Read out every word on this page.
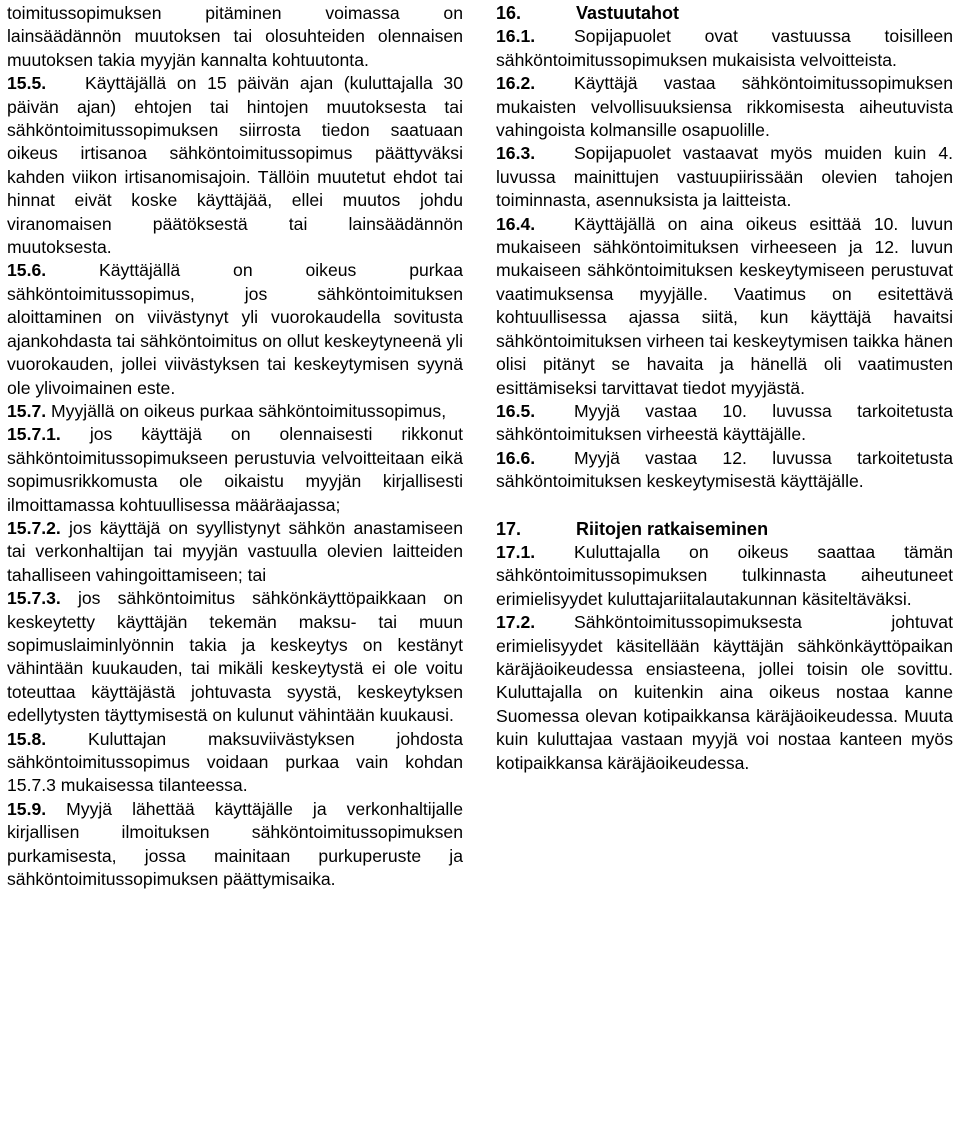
toimitussopimuksen pitäminen voimassa on lainsäädännön muutoksen tai olosuhteiden olennaisen muutoksen takia myyjän kannalta kohtuutonta.

15.5. Käyttäjällä on 15 päivän ajan (kuluttajalla 30 päivän ajan) ehtojen tai hintojen muutoksesta tai sähköntoimitussopimuksen siirrosta tiedon saatuaan oikeus irtisanoa sähköntoimitussopimus päättyväksi kahden viikon irtisanomisajoin. Tällöin muutetut ehdot tai hinnat eivät koske käyttäjää, ellei muutos johdu viranomaisen päätöksestä tai lainsäädännön muutoksesta.

15.6.	Käyttäjällä on oikeus purkaa sähköntoimitussopimus, jos sähköntoimituksen aloittaminen on viivästynyt yli vuorokaudella sovitusta ajankohdasta tai sähköntoimitus on ollut keskeytyneenä yli vuorokauden, jollei viivästyksen tai keskeytymisen syynä ole ylivoimainen este.

15.7. Myyjällä on oikeus purkaa sähköntoimitussopimus,

15.7.1. jos käyttäjä on olennaisesti rikkonut sähköntoimitussopimukseen perustuvia velvoitteitaan eikä sopimusrikkomusta ole oikaistu myyjän kirjallisesti ilmoittamassa kohtuullisessa määräajassa;

15.7.2. jos käyttäjä on syyllistynyt sähkön anastamiseen tai verkonhaltijan tai myyjän vastuulla olevien laitteiden tahalliseen vahingoittamiseen; tai

15.7.3. jos sähköntoimitus sähkönkäyttöpaikkaan on keskeytetty käyttäjän tekemän maksu- tai muun sopimuslaiminlyönnin takia ja keskeytys on kestänyt vähintään kuukauden, tai mikäli keskeytystä ei ole voitu toteuttaa käyttäjästä johtuvasta syystä, keskeytyksen edellytysten täyttymisestä on kulunut vähintään kuukausi.

15.8. Kuluttajan maksuviivästyksen johdosta sähköntoimitussopimus voidaan purkaa vain kohdan 15.7.3 mukaisessa tilanteessa.

15.9. Myyjä lähettää käyttäjälle ja verkonhaltijalle kirjallisen ilmoituksen sähköntoimitussopimuksen purkamisesta, jossa mainitaan purkuperuste ja sähköntoimitussopimuksen päättymisaika.

16.	Vastuutahot

16.1. Sopijapuolet ovat vastuussa toisilleen sähköntoimitussopimuksen mukaisista velvoitteista.

16.2. Käyttäjä vastaa sähköntoimitussopimuksen mukaisten velvollisuuksiensa rikkomisesta aiheutuvista vahingoista kolmansille osapuolille.

16.3. Sopijapuolet vastaavat myös muiden kuin 4. luvussa mainittujen vastuupiirissään olevien tahojen toiminnasta, asennuksista ja laitteista.

16.4. Käyttäjällä on aina oikeus esittää 10. luvun mukaiseen sähköntoimituksen virheeseen ja 12. luvun mukaiseen sähköntoimituksen keskeytymiseen perustuvat vaatimuksensa myyjälle. Vaatimus on esitettävä kohtuullisessa ajassa siitä, kun käyttäjä havaitsi sähköntoimituksen virheen tai keskeytymisen taikka hänen olisi pitänyt se havaita ja hänellä oli vaatimusten esittämiseksi tarvittavat tiedot myyjästä.

16.5. Myyjä vastaa 10. luvussa tarkoitetusta sähköntoimituksen virheestä käyttäjälle.

16.6. Myyjä vastaa 12. luvussa tarkoitetusta sähköntoimituksen keskeytymisestä käyttäjälle.

17.	Riitojen ratkaiseminen

17.1. Kuluttajalla on oikeus saattaa tämän sähköntoimitussopimuksen tulkinnasta aiheutuneet erimielisyydet kuluttajariitalautakunnan käsiteltäväksi.

17.2. Sähköntoimitussopimuksesta johtuvat erimielisyydet käsitellään käyttäjän sähkönkäyttöpaikan käräjäoikeudessa ensiasteena, jollei toisin ole sovittu. Kuluttajalla on kuitenkin aina oikeus nostaa kanne Suomessa olevan kotipaikkansa käräjäoikeudessa. Muuta kuin kuluttajaa vastaan myyjä voi nostaa kanteen myös kotipaikkansa käräjäoikeudessa.
